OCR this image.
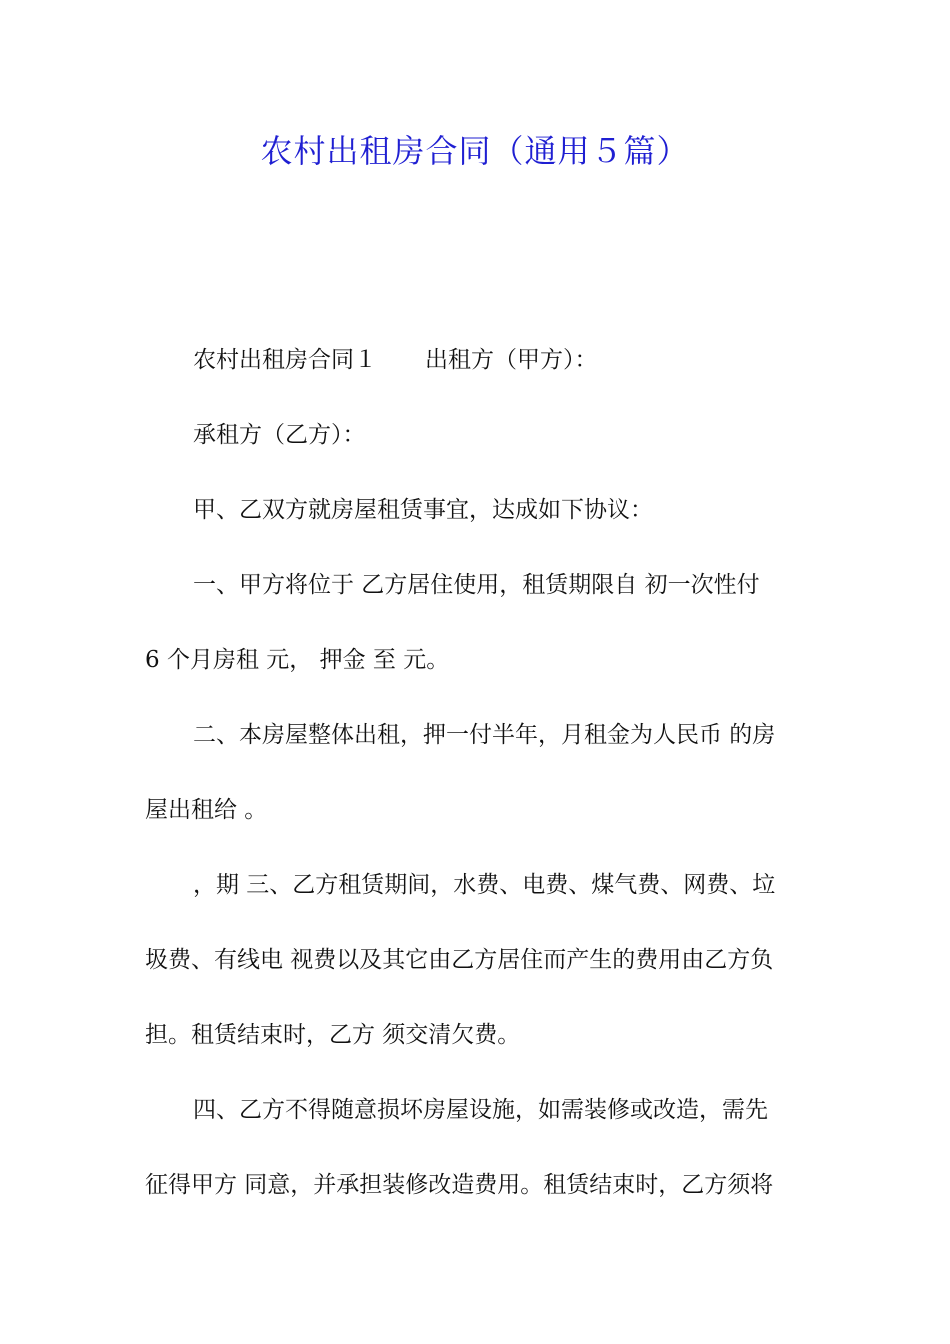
农村出租房合同（通用５篇）

农村出租房合同１ 出租方（甲方）：

承租方（乙方）：

甲、乙双方就房屋租赁事宜，达成如下协议：

一、甲方将位于 乙方居住使用，租赁期限自 初一次性付

6 个月房租 元， 押金 至 元。

二、本房屋整体出租，押一付半年，月租金为人民币 的房

屋出租给 。

，期 三、乙方租赁期间，水费、电费、煤气费、网费、垃

圾费、有线电 视费以及其它由乙方居住而产生的费用由乙方负

担。租赁结束时，乙方 须交清欠费。

四、乙方不得随意损坏房屋设施，如需装修或改造，需先

征得甲方 同意，并承担装修改造费用。租赁结束时，乙方须将
